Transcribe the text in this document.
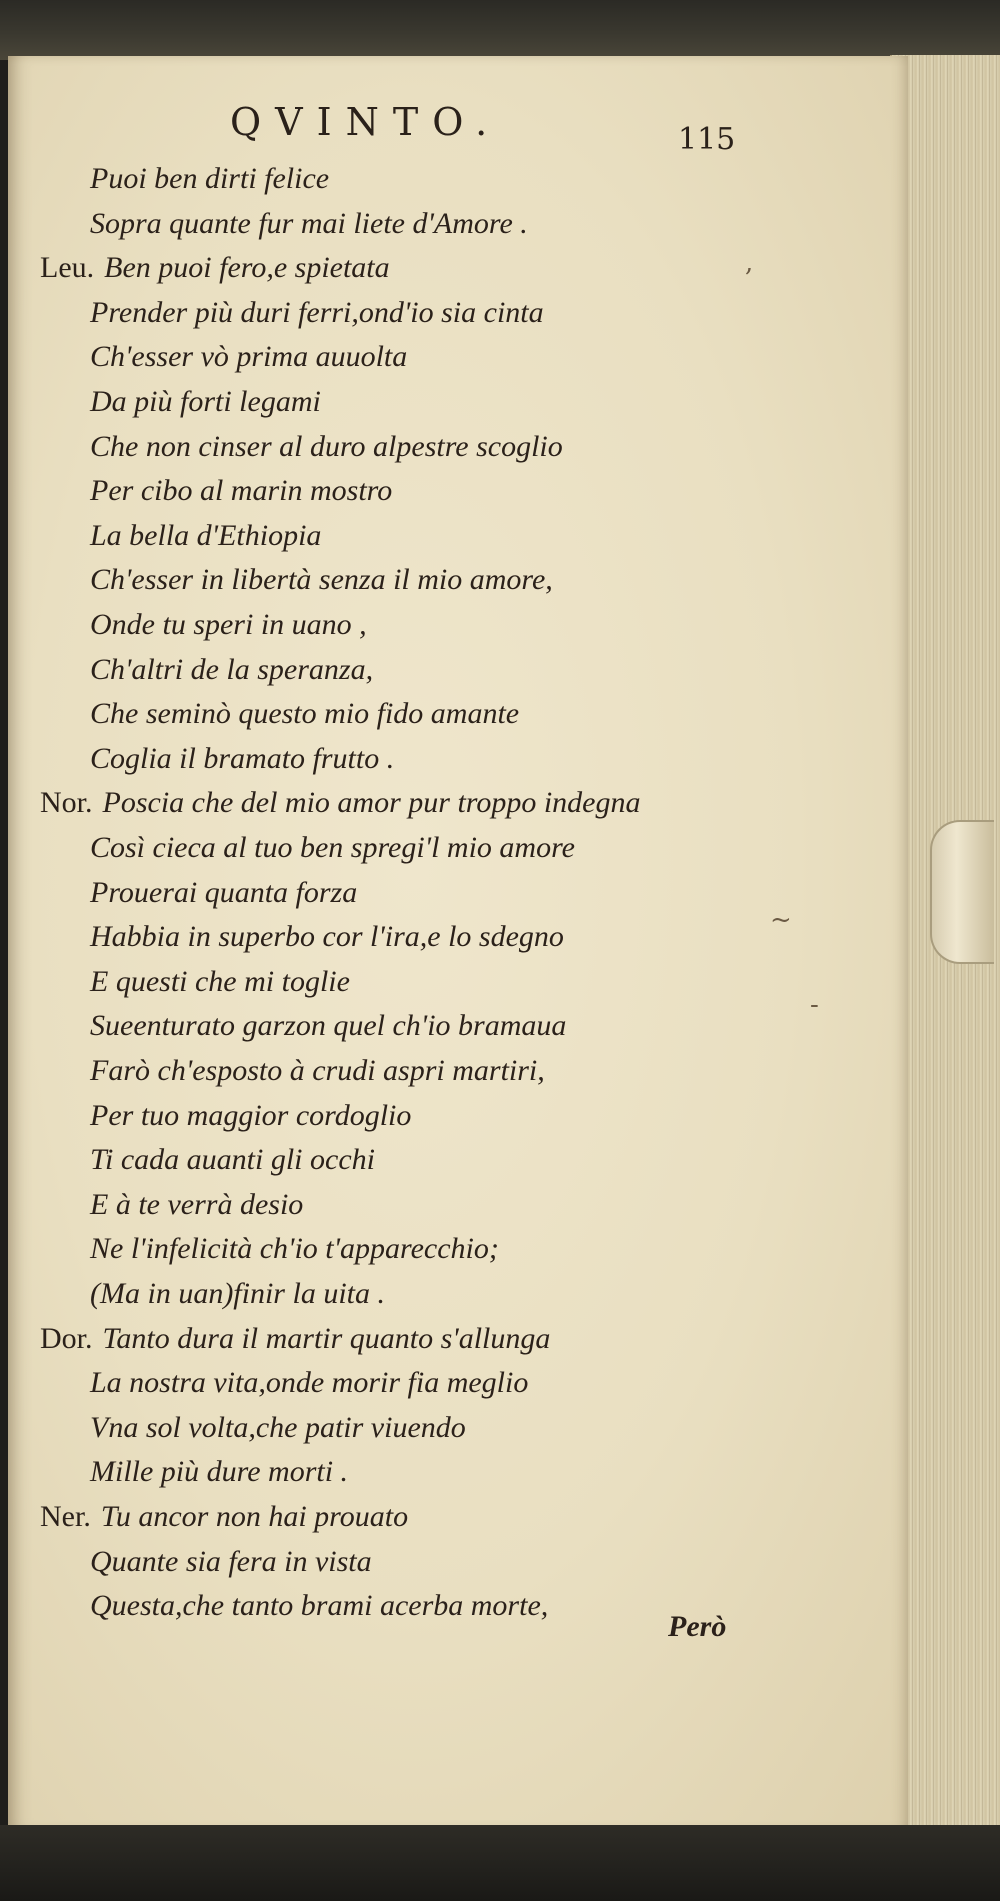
QVINTO.	115
Puoi ben dirti felice
Sopra quante fur mai liete d'Amore .
Leu. Ben puoi fero,e spietata
Prender più duri ferri,ond'io sia cinta
Ch'esser vò prima auuolta
Da più forti legami
Che non cinser al duro alpestre scoglio
Per cibo al marin mostro
La bella d'Ethiopia
Ch'esser in libertà senza il mio amore,
Onde tu speri in uano ,
Ch'altri de la speranza,
Che seminò questo mio fido amante
Coglia il bramato frutto .
Nor. Poscia che del mio amor pur troppo indegna
Così cieca al tuo ben spregi'l mio amore
Prouerai quanta forza
Habbia in superbo cor l'ira,e lo sdegno
E questi che mi toglie
Sueenturato garzon quel ch'io bramaua
Farò ch'esposto à crudi aspri martiri,
Per tuo maggior cordoglio
Ti cada auanti gli occhi
E à te verrà desio
Ne l'infelicità ch'io t'apparecchio;
(Ma in uan)finir la uita .
Dor. Tanto dura il martir quanto s'allunga
La nostra vita,onde morir fia meglio
Vna sol volta,che patir viuendo
Mille più dure morti .
Ner. Tu ancor non hai prouato
Quante sia fera in vista
Questa,che tanto brami acerba morte,
Però
,
~
-
